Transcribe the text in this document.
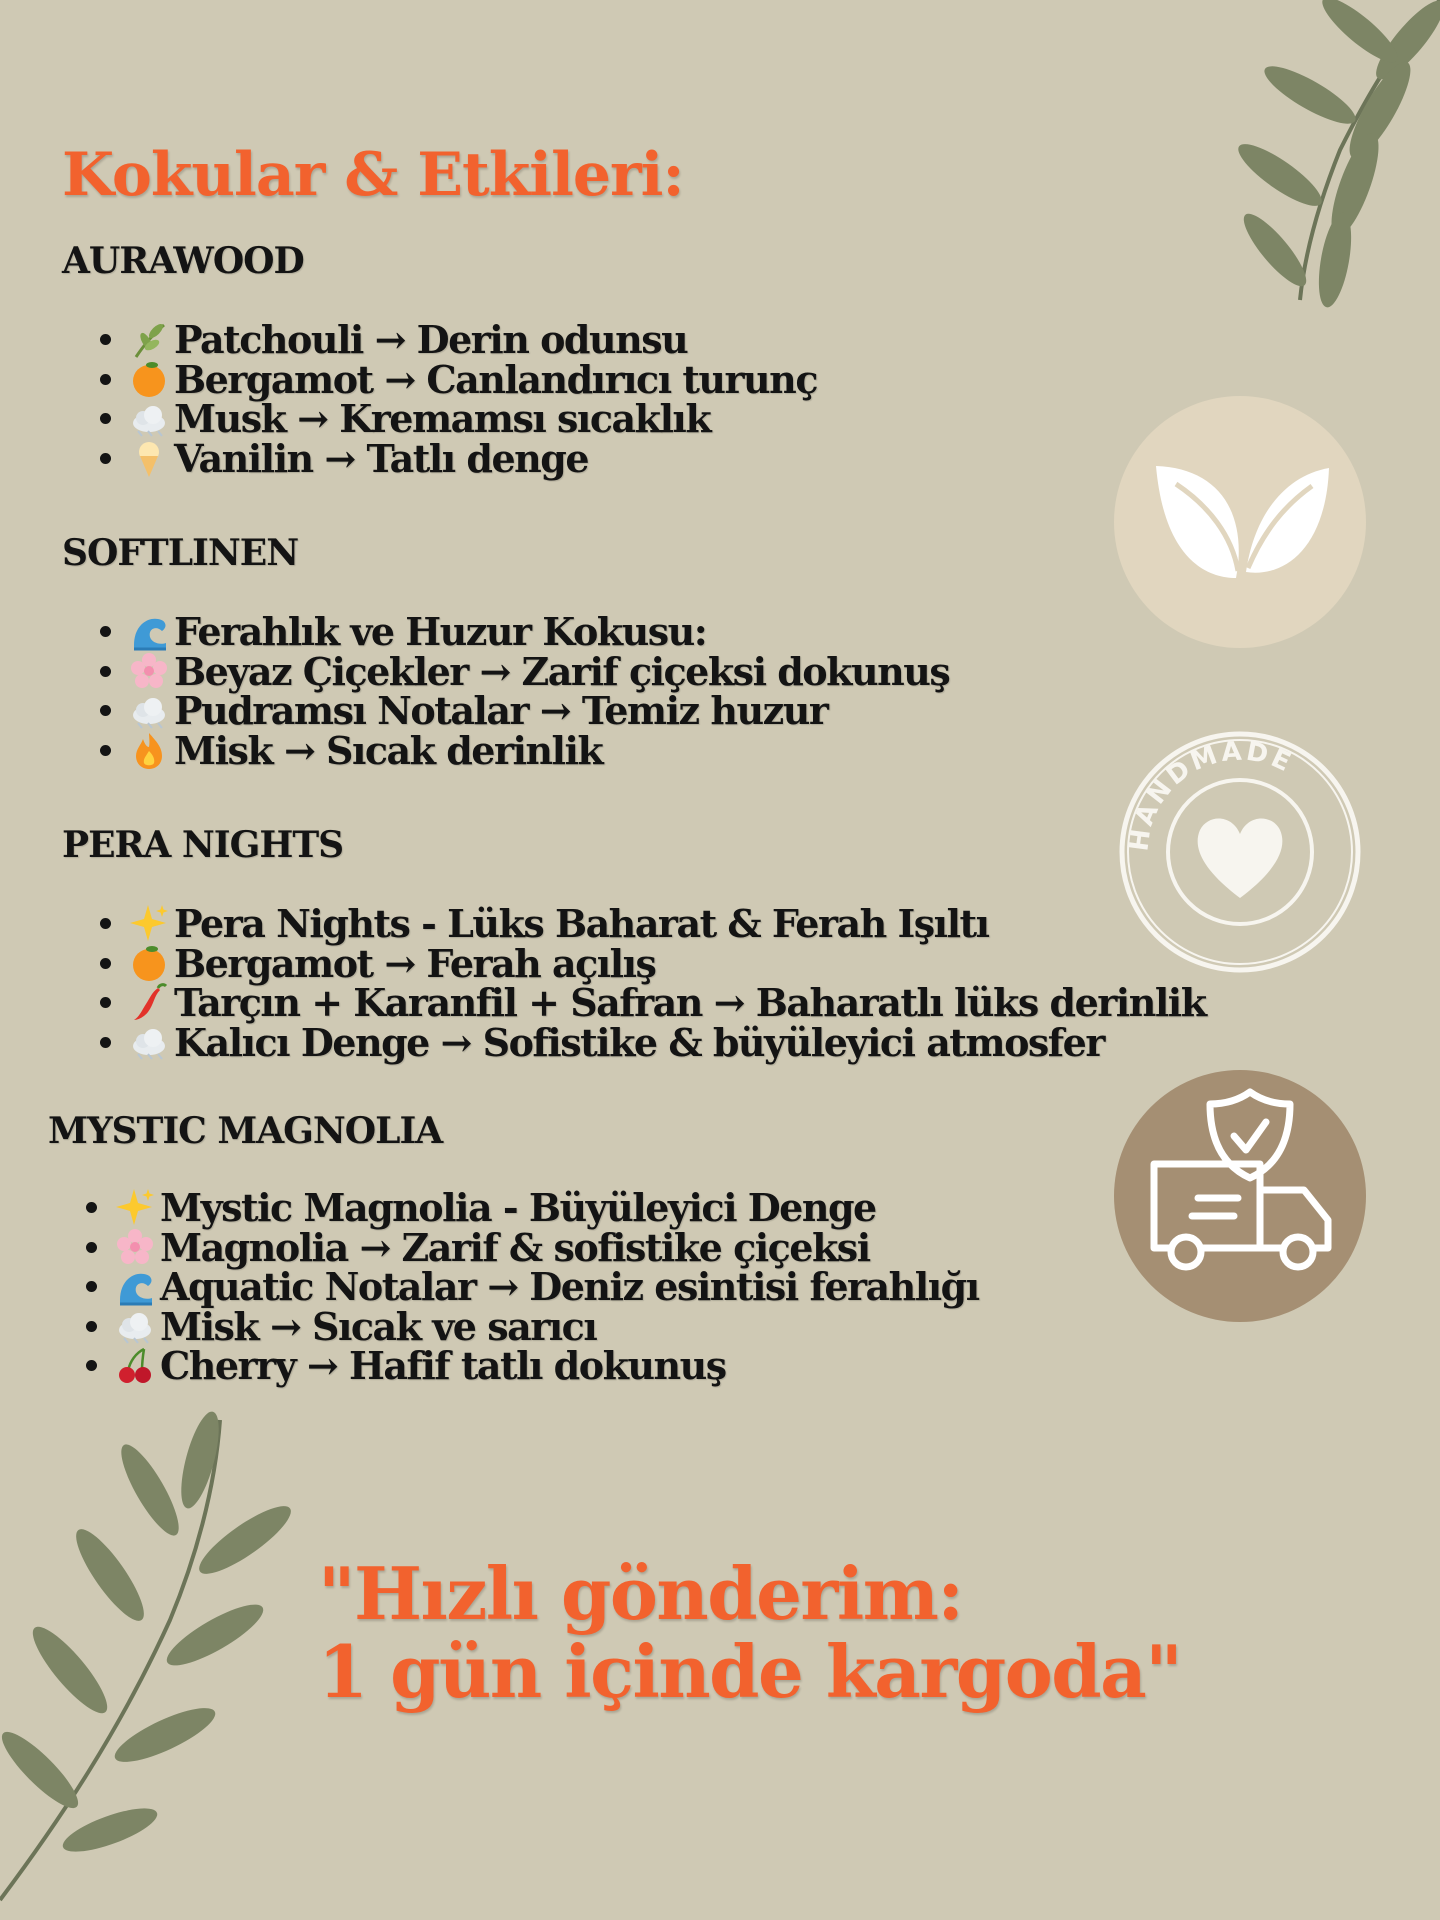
Kokular & Etkileri:
AURAWOOD
Patchouli → Derin odunsu
Bergamot → Canlandırıcı turunç
Musk → Kremamsı sıcaklık
Vanilin → Tatlı denge
SOFTLINEN
Ferahlık ve Huzur Kokusu:
Beyaz Çiçekler → Zarif çiçeksi dokunuş
Pudramsı Notalar → Temiz huzur
Misk → Sıcak derinlik
PERA NIGHTS
Pera Nights - Lüks Baharat & Ferah Işıltı
Bergamot → Ferah açılış
Tarçın + Karanfil + Safran → Baharatlı lüks derinlik
Kalıcı Denge → Sofistike & büyüleyici atmosfer
MYSTIC MAGNOLIA
Mystic Magnolia - Büyüleyici Denge
Magnolia → Zarif & sofistike çiçeksi
Aquatic Notalar → Deniz esintisi ferahlığı
Misk → Sıcak ve sarıcı
Cherry → Hafif tatlı dokunuş
HANDMADE
"Hızlı gönderim:
1 gün içinde kargoda"
